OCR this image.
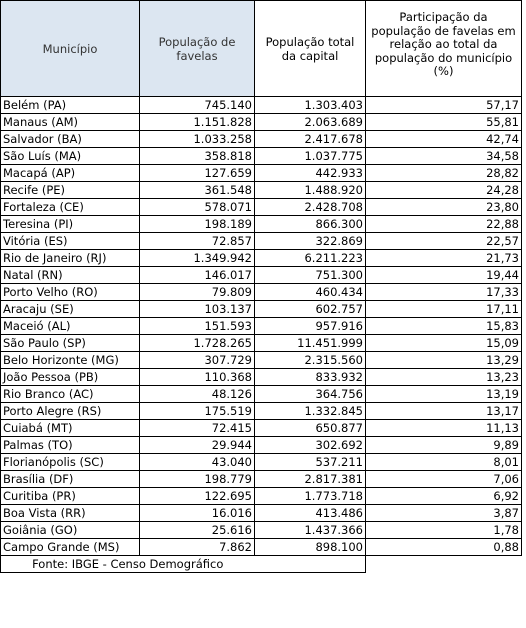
Município	População de favelas	População total da capital	Participação da população de favelas em relação ao total da população do município (%)
Belém (PA)	745.140	1.303.403	57,17
Manaus (AM)	1.151.828	2.063.689	55,81
Salvador (BA)	1.033.258	2.417.678	42,74
São Luís (MA)	358.818	1.037.775	34,58
Macapá (AP)	127.659	442.933	28,82
Recife (PE)	361.548	1.488.920	24,28
Fortaleza (CE)	578.071	2.428.708	23,80
Teresina (PI)	198.189	866.300	22,88
Vitória (ES)	72.857	322.869	22,57
Rio de Janeiro (RJ)	1.349.942	6.211.223	21,73
Natal (RN)	146.017	751.300	19,44
Porto Velho (RO)	79.809	460.434	17,33
Aracaju (SE)	103.137	602.757	17,11
Maceió (AL)	151.593	957.916	15,83
São Paulo (SP)	1.728.265	11.451.999	15,09
Belo Horizonte (MG)	307.729	2.315.560	13,29
João Pessoa (PB)	110.368	833.932	13,23
Rio Branco (AC)	48.126	364.756	13,19
Porto Alegre (RS)	175.519	1.332.845	13,17
Cuiabá (MT)	72.415	650.877	11,13
Palmas (TO)	29.944	302.692	9,89
Florianópolis (SC)	43.040	537.211	8,01
Brasília (DF)	198.779	2.817.381	7,06
Curitiba (PR)	122.695	1.773.718	6,92
Boa Vista (RR)	16.016	413.486	3,87
Goiânia (GO)	25.616	1.437.366	1,78
Campo Grande (MS)	7.862	898.100	0,88
Fonte: IBGE - Censo Demográfico			
